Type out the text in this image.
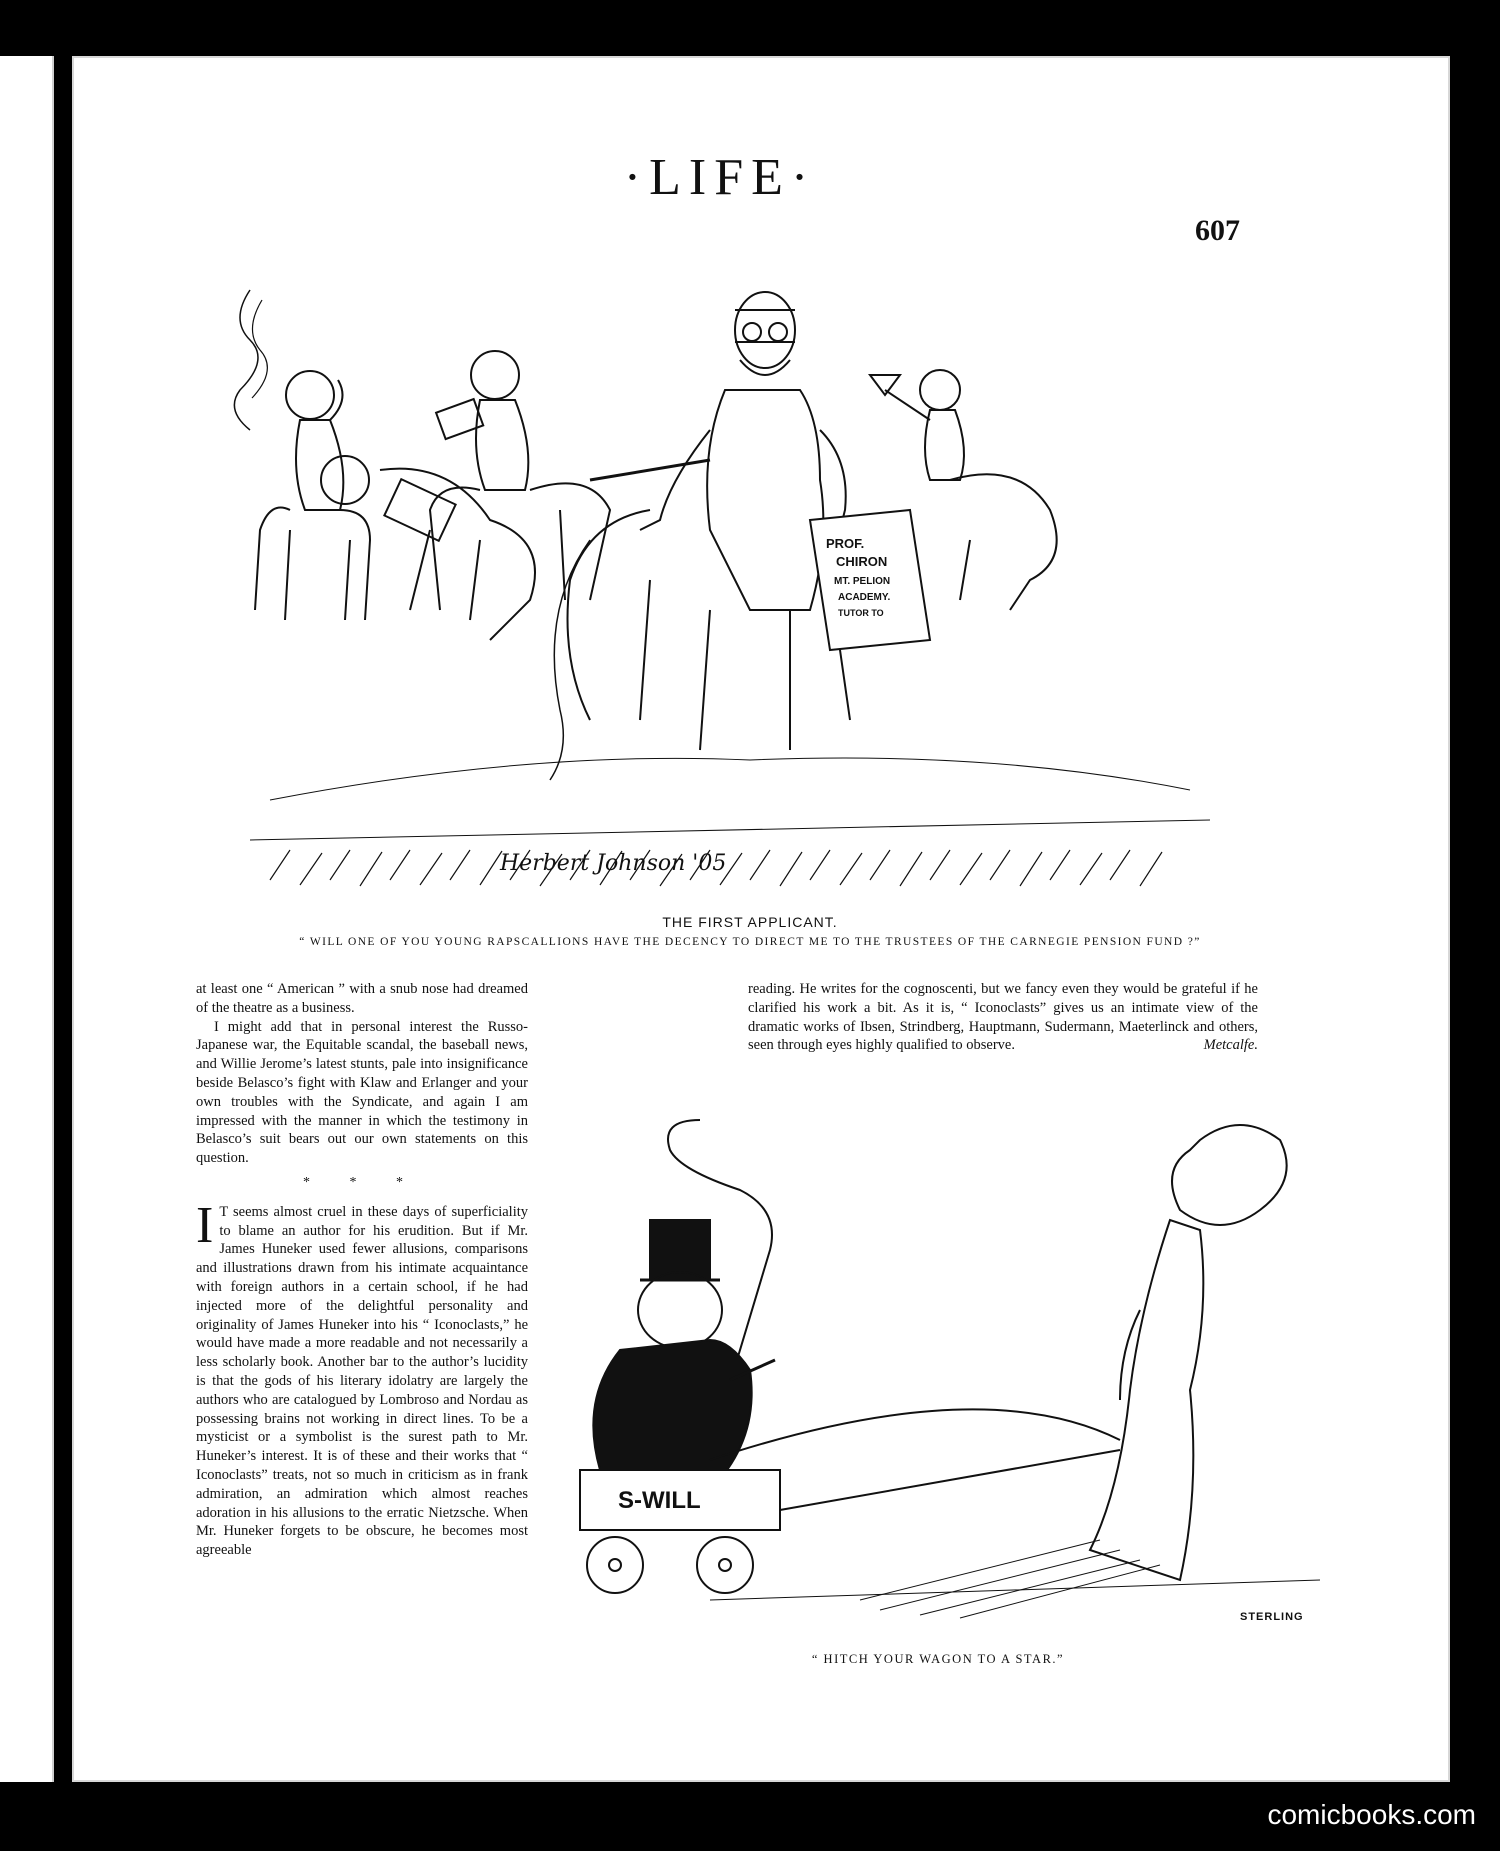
·LIFE·
607
PROF.
CHIRON
MT. PELION
ACADEMY.
TUTOR TO
Herbert Johnson '05
THE FIRST APPLICANT.
“ WILL ONE OF YOU YOUNG RAPSCALLIONS HAVE THE DECENCY TO DIRECT ME TO THE TRUSTEES OF THE CARNEGIE PENSION FUND ?”

at least one “ American ” with a snub nose had dreamed of the theatre as a business.

I might add that in personal interest the Russo-Japanese war, the Equitable scandal, the baseball news, and Willie Jerome’s latest stunts, pale into insignificance beside Belasco’s fight with Klaw and Erlanger and your own troubles with the Syndicate, and again I am impressed with the manner in which the testimony in Belasco’s suit bears out our own statements on this question.

* * *

I T seems almost cruel in these days of superficiality to blame an author for his erudition. But if Mr. James Huneker used fewer allusions, comparisons and illustrations drawn from his intimate acquaintance with foreign authors in a certain school, if he had injected more of the delightful personality and originality of James Huneker into his “ Iconoclasts,” he would have made a more readable and not necessarily a less scholarly book. Another bar to the author’s lucidity is that the gods of his literary idolatry are largely the authors who are catalogued by Lombroso and Nordau as possessing brains not working in direct lines. To be a mysticist or a symbolist is the surest path to Mr. Huneker’s interest. It is of these and their works that “ Iconoclasts” treats, not so much in criticism as in frank admiration, an admiration which almost reaches adoration in his allusions to the erratic Nietzsche. When Mr. Huneker forgets to be obscure, he becomes most agreeable

reading. He writes for the cognoscenti, but we fancy even they would be grateful if he clarified his work a bit. As it is, “ Iconoclasts” gives us an intimate view of the dramatic works of Ibsen, Strindberg, Hauptmann, Sudermann, Maeterlinck and others, seen through eyes highly qualified to observe.	Metcalfe.
S-WILL
STERLING
“ HITCH YOUR WAGON TO A STAR.”
comicbooks.com
